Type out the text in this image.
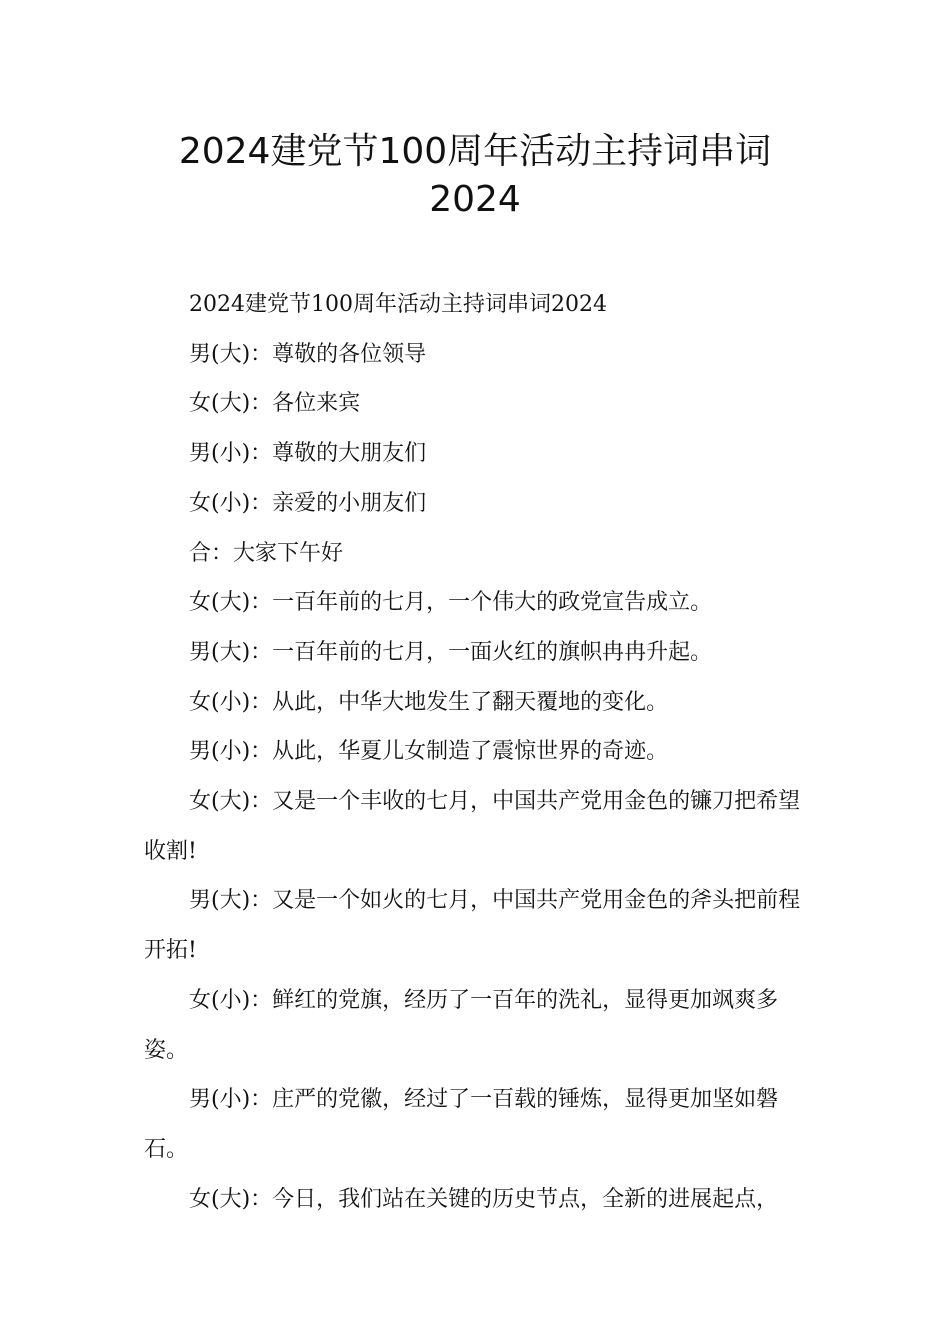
2024建党节100周年活动主持词串词
2024

2024建党节100周年活动主持词串词2024

男(大)：尊敬的各位领导

女(大)：各位来宾

男(小)：尊敬的大朋友们

女(小)：亲爱的小朋友们

合：大家下午好

女(大)：一百年前的七月，一个伟大的政党宣告成立。

男(大)：一百年前的七月，一面火红的旗帜冉冉升起。

女(小)：从此，中华大地发生了翻天覆地的变化。

男(小)：从此，华夏儿女制造了震惊世界的奇迹。

女(大)：又是一个丰收的七月，中国共产党用金色的镰刀把希望收割!

男(大)：又是一个如火的七月，中国共产党用金色的斧头把前程开拓!

女(小)：鲜红的党旗，经历了一百年的洗礼，显得更加飒爽多姿。

男(小)：庄严的党徽，经过了一百载的锤炼，显得更加坚如磐石。

女(大)：今日，我们站在关键的历史节点，全新的进展起点，
